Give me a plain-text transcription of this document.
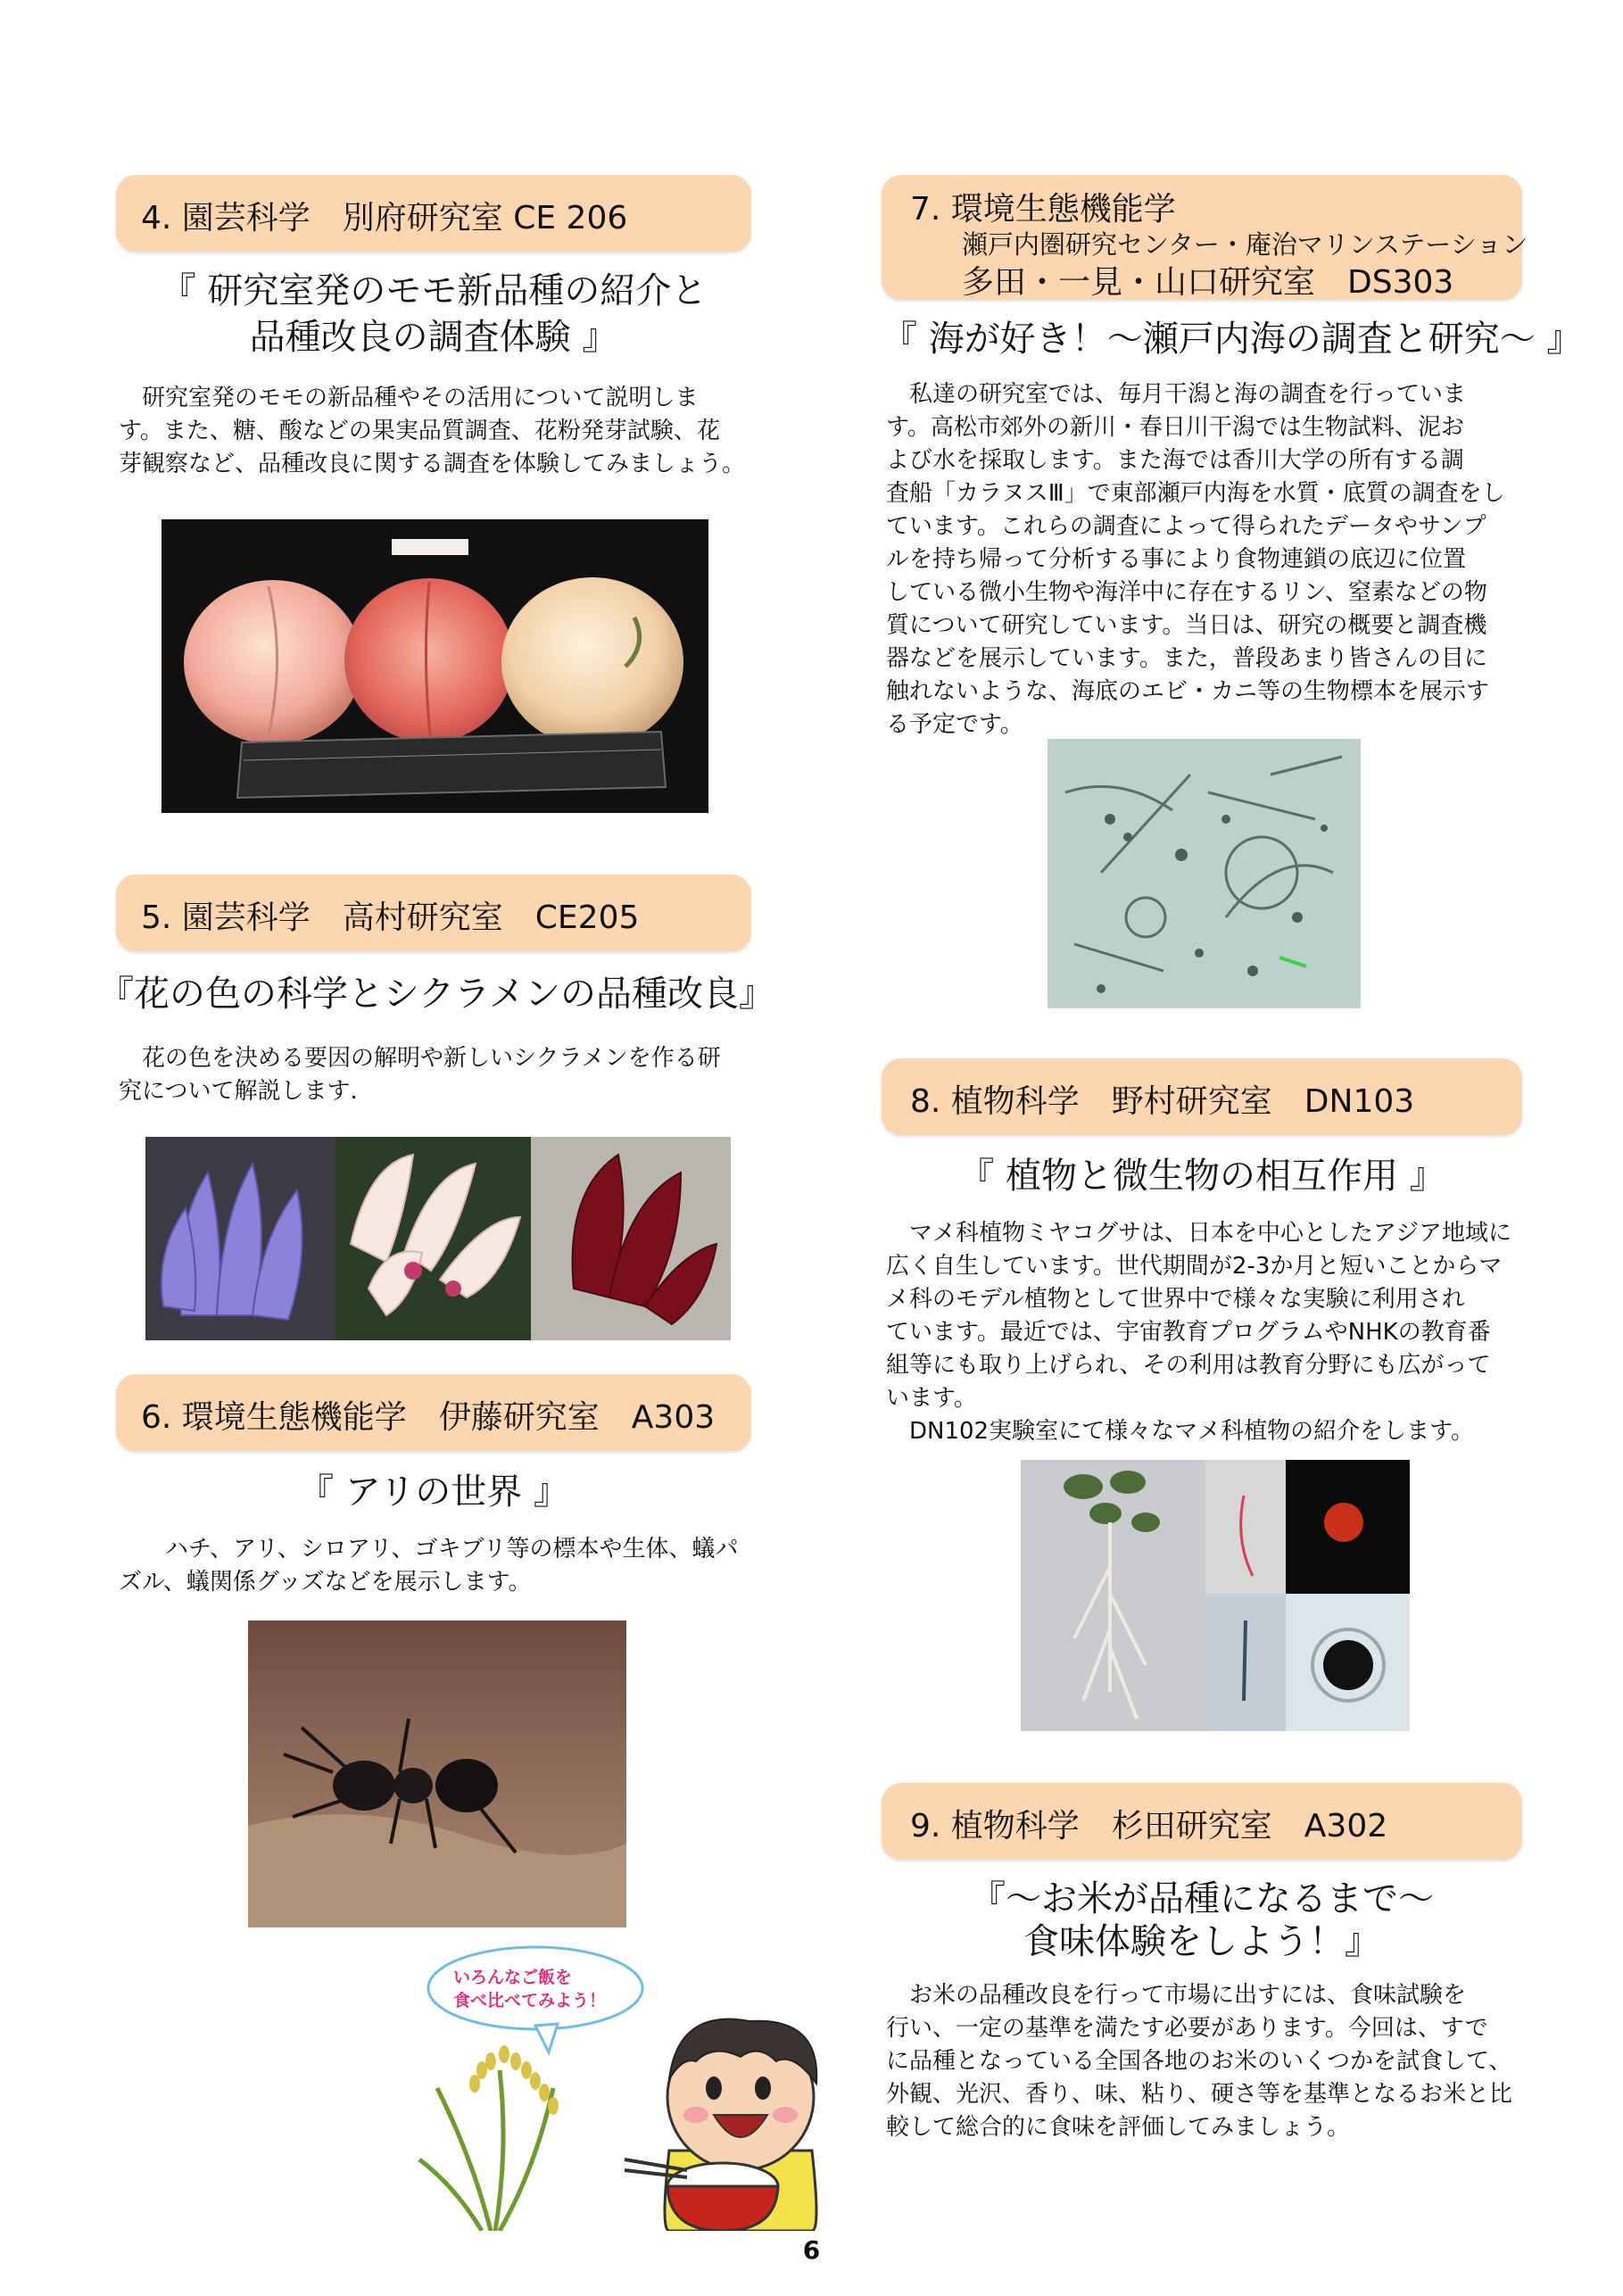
4. 園芸科学　別府研究室 CE 206
『 研究室発のモモ新品種の紹介と
品種改良の調査体験 』

　研究室発のモモの新品種やその活用について説明しま

す。また、糖、酸などの果実品質調査、花粉発芽試験、花

芽観察など、品種改良に関する調査を体験してみましょう。

5. 園芸科学　高村研究室　CE205
『花の色の科学とシクラメンの品種改良』

　花の色を決める要因の解明や新しいシクラメンを作る研

究について解説します.

6. 環境生態機能学　伊藤研究室　A303
『 アリの世界 』

　　ハチ、アリ、シロアリ、ゴキブリ等の標本や生体、蟻パ

ズル、蟻関係グッズなどを展示します。

7. 環境生態機能学
瀬戸内圏研究センター・庵治マリンステーション
多田・一見・山口研究室　DS303
『 海が好き！～瀬戸内海の調査と研究～ 』

　私達の研究室では、毎月干潟と海の調査を行っていま

す。高松市郊外の新川・春日川干潟では生物試料、泥お

よび水を採取します。また海では香川大学の所有する調

査船「カラヌスⅢ」で東部瀬戸内海を水質・底質の調査をし

ています。これらの調査によって得られたデータやサンプ

ルを持ち帰って分析する事により食物連鎖の底辺に位置

している微小生物や海洋中に存在するリン、窒素などの物

質について研究しています。当日は、研究の概要と調査機

器などを展示しています。また，普段あまり皆さんの目に

触れないような、海底のエビ・カニ等の生物標本を展示す

る予定です。

8. 植物科学　野村研究室　DN103
『 植物と微生物の相互作用 』

　マメ科植物ミヤコグサは、日本を中心としたアジア地域に

広く自生しています。世代期間が2-3か月と短いことからマ

メ科のモデル植物として世界中で様々な実験に利用され

ています。最近では、宇宙教育プログラムやNHKの教育番

組等にも取り上げられ、その利用は教育分野にも広がって

います。

　DN102実験室にて様々なマメ科植物の紹介をします。

9. 植物科学　杉田研究室　A302
『～お米が品種になるまで～
食味体験をしよう！』

　お米の品種改良を行って市場に出すには、食味試験を

行い、一定の基準を満たす必要があります。今回は、すで

に品種となっている全国各地のお米のいくつかを試食して、

外観、光沢、香り、味、粘り、硬さ等を基準となるお米と比

較して総合的に食味を評価してみましょう。

いろんなご飯を
食べ比べてみよう！
6
